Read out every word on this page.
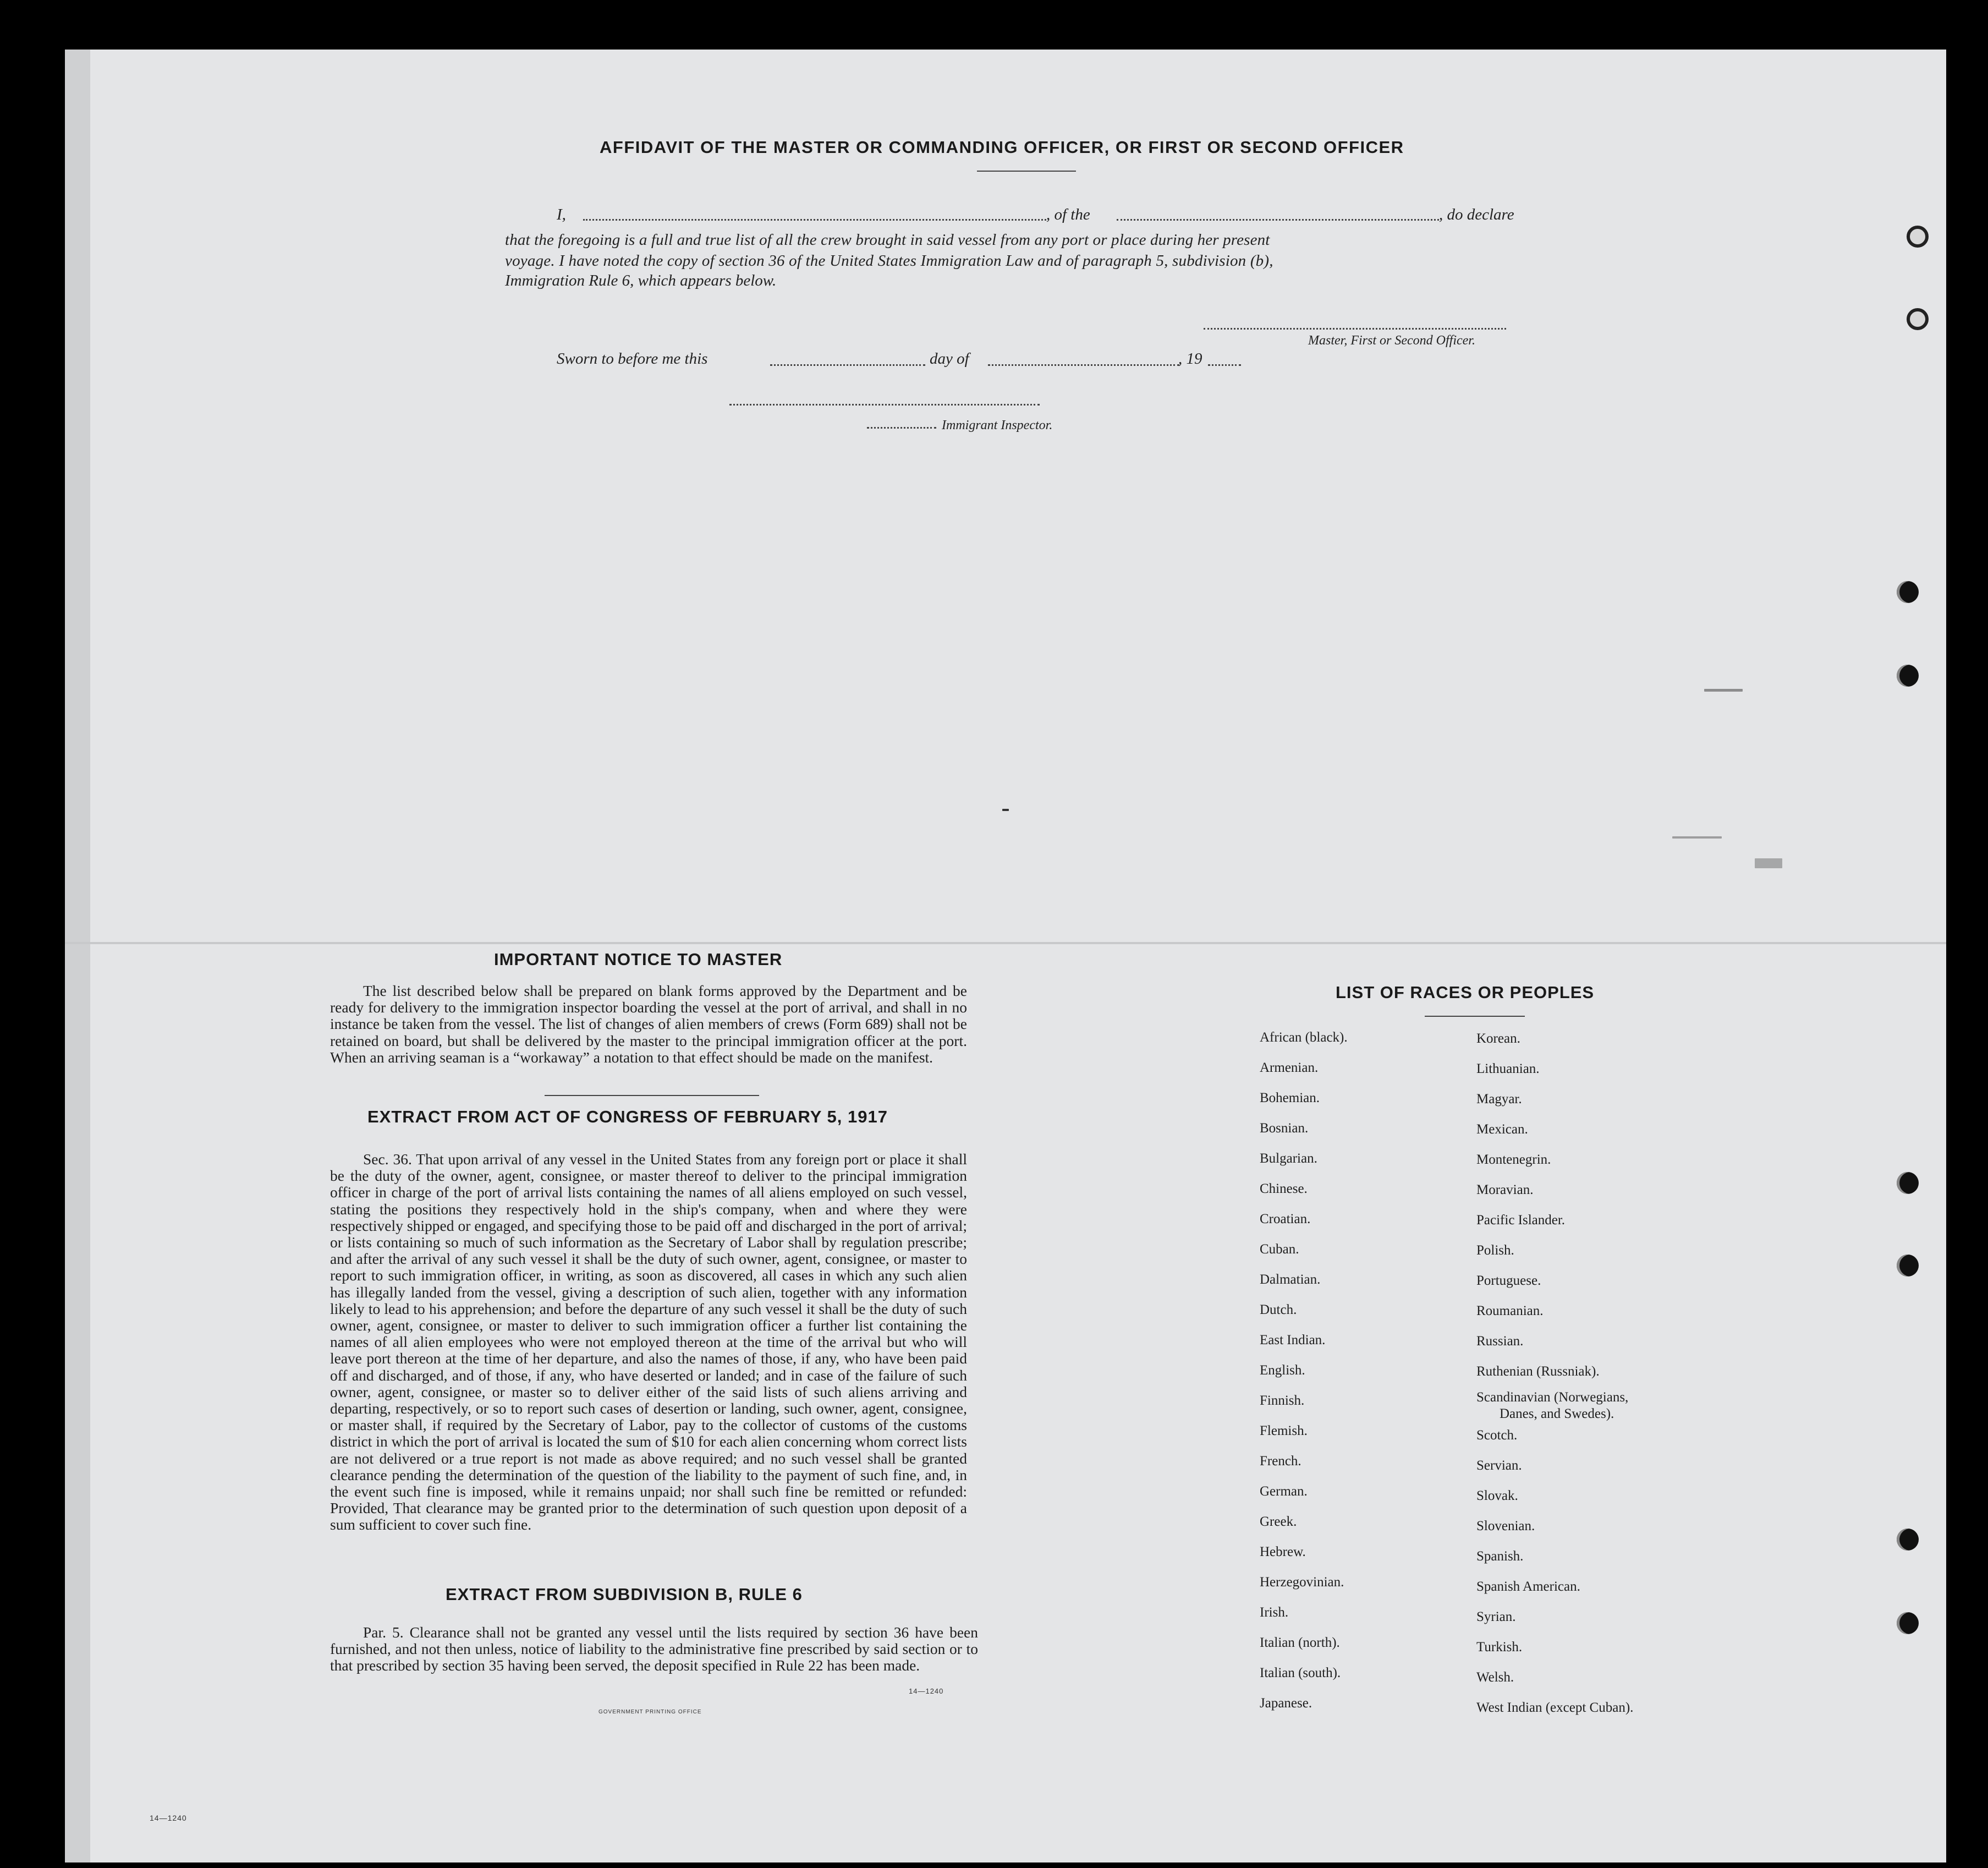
AFFIDAVIT OF THE MASTER OR COMMANDING OFFICER, OR FIRST OR SECOND OFFICER
I,	, of the	, do declare
that the foregoing is a full and true list of all the crew brought in said vessel from any port or place during her present
voyage. I have noted the copy of section 36 of the United States Immigration Law and of paragraph 5, subdivision (b),
Immigration Rule 6, which appears below.
Master, First or Second Officer.
Sworn to before me this	day of	, 19
Immigrant Inspector.
IMPORTANT NOTICE TO MASTER

The list described below shall be prepared on blank forms approved by the Department and be ready for delivery to the immigration inspector boarding the vessel at the port of arrival, and shall in no instance be taken from the vessel. The list of changes of alien members of crews (Form 689) shall not be retained on board, but shall be delivered by the master to the principal immigration officer at the port. When an arriving seaman is a “workaway” a notation to that effect should be made on the manifest.

EXTRACT FROM ACT OF CONGRESS OF FEBRUARY 5, 1917

Sec. 36. That upon arrival of any vessel in the United States from any foreign port or place it shall be the duty of the owner, agent, consignee, or master thereof to deliver to the principal immigration officer in charge of the port of arrival lists containing the names of all aliens employed on such vessel, stating the positions they respectively hold in the ship's company, when and where they were respectively shipped or engaged, and specifying those to be paid off and discharged in the port of arrival; or lists containing so much of such information as the Secretary of Labor shall by regulation prescribe; and after the arrival of any such vessel it shall be the duty of such owner, agent, consignee, or master to report to such immigration officer, in writing, as soon as discovered, all cases in which any such alien has illegally landed from the vessel, giving a description of such alien, together with any information likely to lead to his apprehension; and before the departure of any such vessel it shall be the duty of such owner, agent, consignee, or master to deliver to such immigration officer a further list containing the names of all alien employees who were not employed thereon at the time of the arrival but who will leave port thereon at the time of her departure, and also the names of those, if any, who have been paid off and discharged, and of those, if any, who have deserted or landed; and in case of the failure of such owner, agent, consignee, or master so to deliver either of the said lists of such aliens arriving and departing, respectively, or so to report such cases of desertion or landing, such owner, agent, consignee, or master shall, if required by the Secretary of Labor, pay to the collector of customs of the customs district in which the port of arrival is located the sum of $10 for each alien concerning whom correct lists are not delivered or a true report is not made as above required; and no such vessel shall be granted clearance pending the determination of the question of the liability to the payment of such fine, and, in the event such fine is imposed, while it remains unpaid; nor shall such fine be remitted or refunded: Provided, That clearance may be granted prior to the determination of such question upon deposit of a sum sufficient to cover such fine.

EXTRACT FROM SUBDIVISION B, RULE 6

Par. 5. Clearance shall not be granted any vessel until the lists required by section 36 have been furnished, and not then unless, notice of liability to the administrative fine prescribed by said section or to that prescribed by section 35 having been served, the deposit specified in Rule 22 has been made.

GOVERNMENT PRINTING OFFICE
14—1240
LIST OF RACES OR PEOPLES
African (black).
Armenian.
Bohemian.
Bosnian.
Bulgarian.
Chinese.
Croatian.
Cuban.
Dalmatian.
Dutch.
East Indian.
English.
Finnish.
Flemish.
French.
German.
Greek.
Hebrew.
Herzegovinian.
Irish.
Italian (north).
Italian (south).
Japanese.
Korean.
Lithuanian.
Magyar.
Mexican.
Montenegrin.
Moravian.
Pacific Islander.
Polish.
Portuguese.
Roumanian.
Russian.
Ruthenian (Russniak).
Scandinavian (Norwegians,
Scotch.
Servian.
Slovak.
Slovenian.
Spanish.
Spanish American.
Syrian.
Turkish.
Welsh.
West Indian (except Cuban).
Danes, and Swedes).
14—1240
